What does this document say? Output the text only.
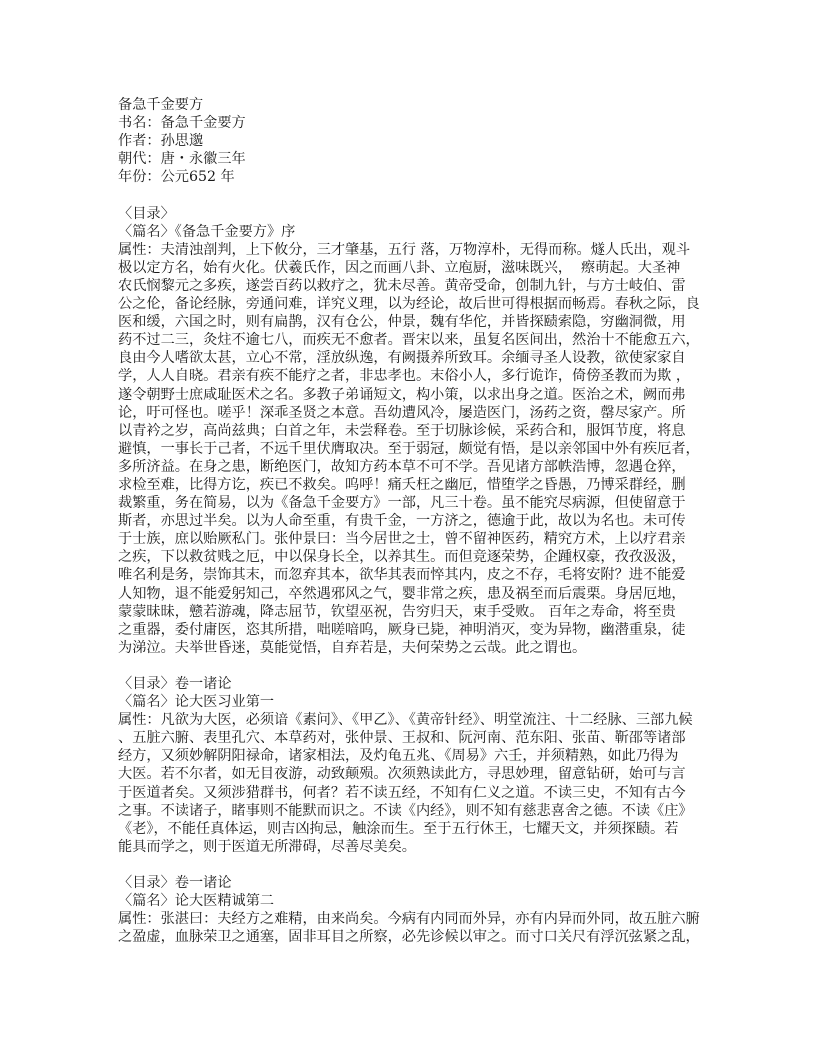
备急千金要方
书名：备急千金要方
作者：孙思邈
朝代：唐・永徽三年
年份：公元652 年
〈目录〉
〈篇名〉《备急千金要方》序
属性：夫清浊剖判，上下攸分，三才肇基，五行 落，万物淳朴，无得而称。燧人氏出，观斗
极以定方名，始有火化。伏羲氏作，因之而画八卦、立庖厨，滋味既兴，  瘵萌起。大圣神
农氏悯黎元之多疾，遂尝百药以救疗之，犹未尽善。黄帝受命，创制九针，与方士岐伯、雷
公之伦，备论经脉，旁通问难，详究义理，以为经论，故后世可得根据而畅焉。春秋之际，良
医和缓，六国之时，则有扁鹊，汉有仓公，仲景，魏有华佗，并皆探赜索隐，穷幽洞微，用
药不过二三，灸炷不逾七八，而疾无不愈者。晋宋以来，虽复名医间出，然治十不能愈五六，
良由今人嗜欲太甚，立心不常，淫放纵逸，有阙摄养所致耳。余缅寻圣人设教，欲使家家自
学，人人自晓。君亲有疾不能疗之者，非忠孝也。末俗小人，多行诡诈，倚傍圣教而为欺 ，
遂令朝野士庶咸耻医术之名。多教子弟诵短文，构小策，以求出身之道。医治之术，阙而弗
论，吁可怪也。嗟乎！深乖圣贤之本意。吾幼遭风冷，屡造医门，汤药之资，罄尽家产。所
以青衿之岁，高尚兹典；白首之年，未尝释卷。至于切脉诊候，采药合和，服饵节度，将息
避慎，一事长于己者，不远千里伏膺取决。至于弱冠，颇觉有悟，是以亲邻国中外有疾厄者，
多所济益。在身之患，断绝医门，故知方药本草不可不学。吾见诸方部帙浩博，忽遇仓猝，
求检至难，比得方讫，疾已不救矣。呜呼！痛夭枉之幽厄，惜堕学之昏愚，乃博采群经，删
裁繁重，务在简易，以为《备急千金要方》一部，凡三十卷。虽不能究尽病源，但使留意于
斯者，亦思过半矣。以为人命至重，有贵千金，一方济之，德逾于此，故以为名也。未可传
于士族，庶以贻厥私门。张仲景曰：当今居世之士，曾不留神医药，精究方术，上以疗君亲
之疾，下以救贫贱之厄，中以保身长全，以养其生。而但竞逐荣势，企踵权豪，孜孜汲汲，
唯名利是务，崇饰其末，而忽弃其本，欲华其表而悴其内，皮之不存，毛将安附？进不能爱
人知物，退不能爱躬知己，卒然遇邪风之气，婴非常之疾，患及祸至而后震栗。身居厄地，
蒙蒙昧昧，戆若游魂，降志屈节，钦望巫祝，告穷归天，束手受败。 百年之寿命，将至贵
之重器，委付庸医，恣其所措，咄嗟喑呜，厥身已毙，神明消灭，变为异物，幽潜重泉，徒
为涕泣。夫举世昏迷，莫能觉悟，自弃若是，夫何荣势之云哉。此之谓也。
〈目录〉卷一诸论
〈篇名〉论大医习业第一
属性：凡欲为大医，必须谙《素问》、《甲乙》、《黄帝针经》、明堂流注、十二经脉、三部九候
、五脏六腑、表里孔穴、本草药对，张仲景、王叔和、阮河南、范东阳、张苗、靳邵等诸部
经方，又须妙解阴阳禄命，诸家相法，及灼龟五兆、《周易》六壬，并须精熟，如此乃得为
大医。若不尔者，如无目夜游，动致颠殒。次须熟读此方，寻思妙理，留意钻研，始可与言
于医道者矣。又须涉猎群书，何者？若不读五经，不知有仁义之道。不读三史，不知有古今
之事。不读诸子，睹事则不能默而识之。不读《内经》，则不知有慈悲喜舍之德。不读《庄》
《老》，不能任真体运，则吉凶拘忌，触涂而生。至于五行休王，七耀天文，并须探赜。若
能具而学之，则于医道无所滞碍，尽善尽美矣。
〈目录〉卷一诸论
〈篇名〉论大医精诚第二
属性：张湛曰：夫经方之难精，由来尚矣。今病有内同而外异，亦有内异而外同，故五脏六腑
之盈虚，血脉荣卫之通塞，固非耳目之所察，必先诊候以审之。而寸口关尺有浮沉弦紧之乱，
